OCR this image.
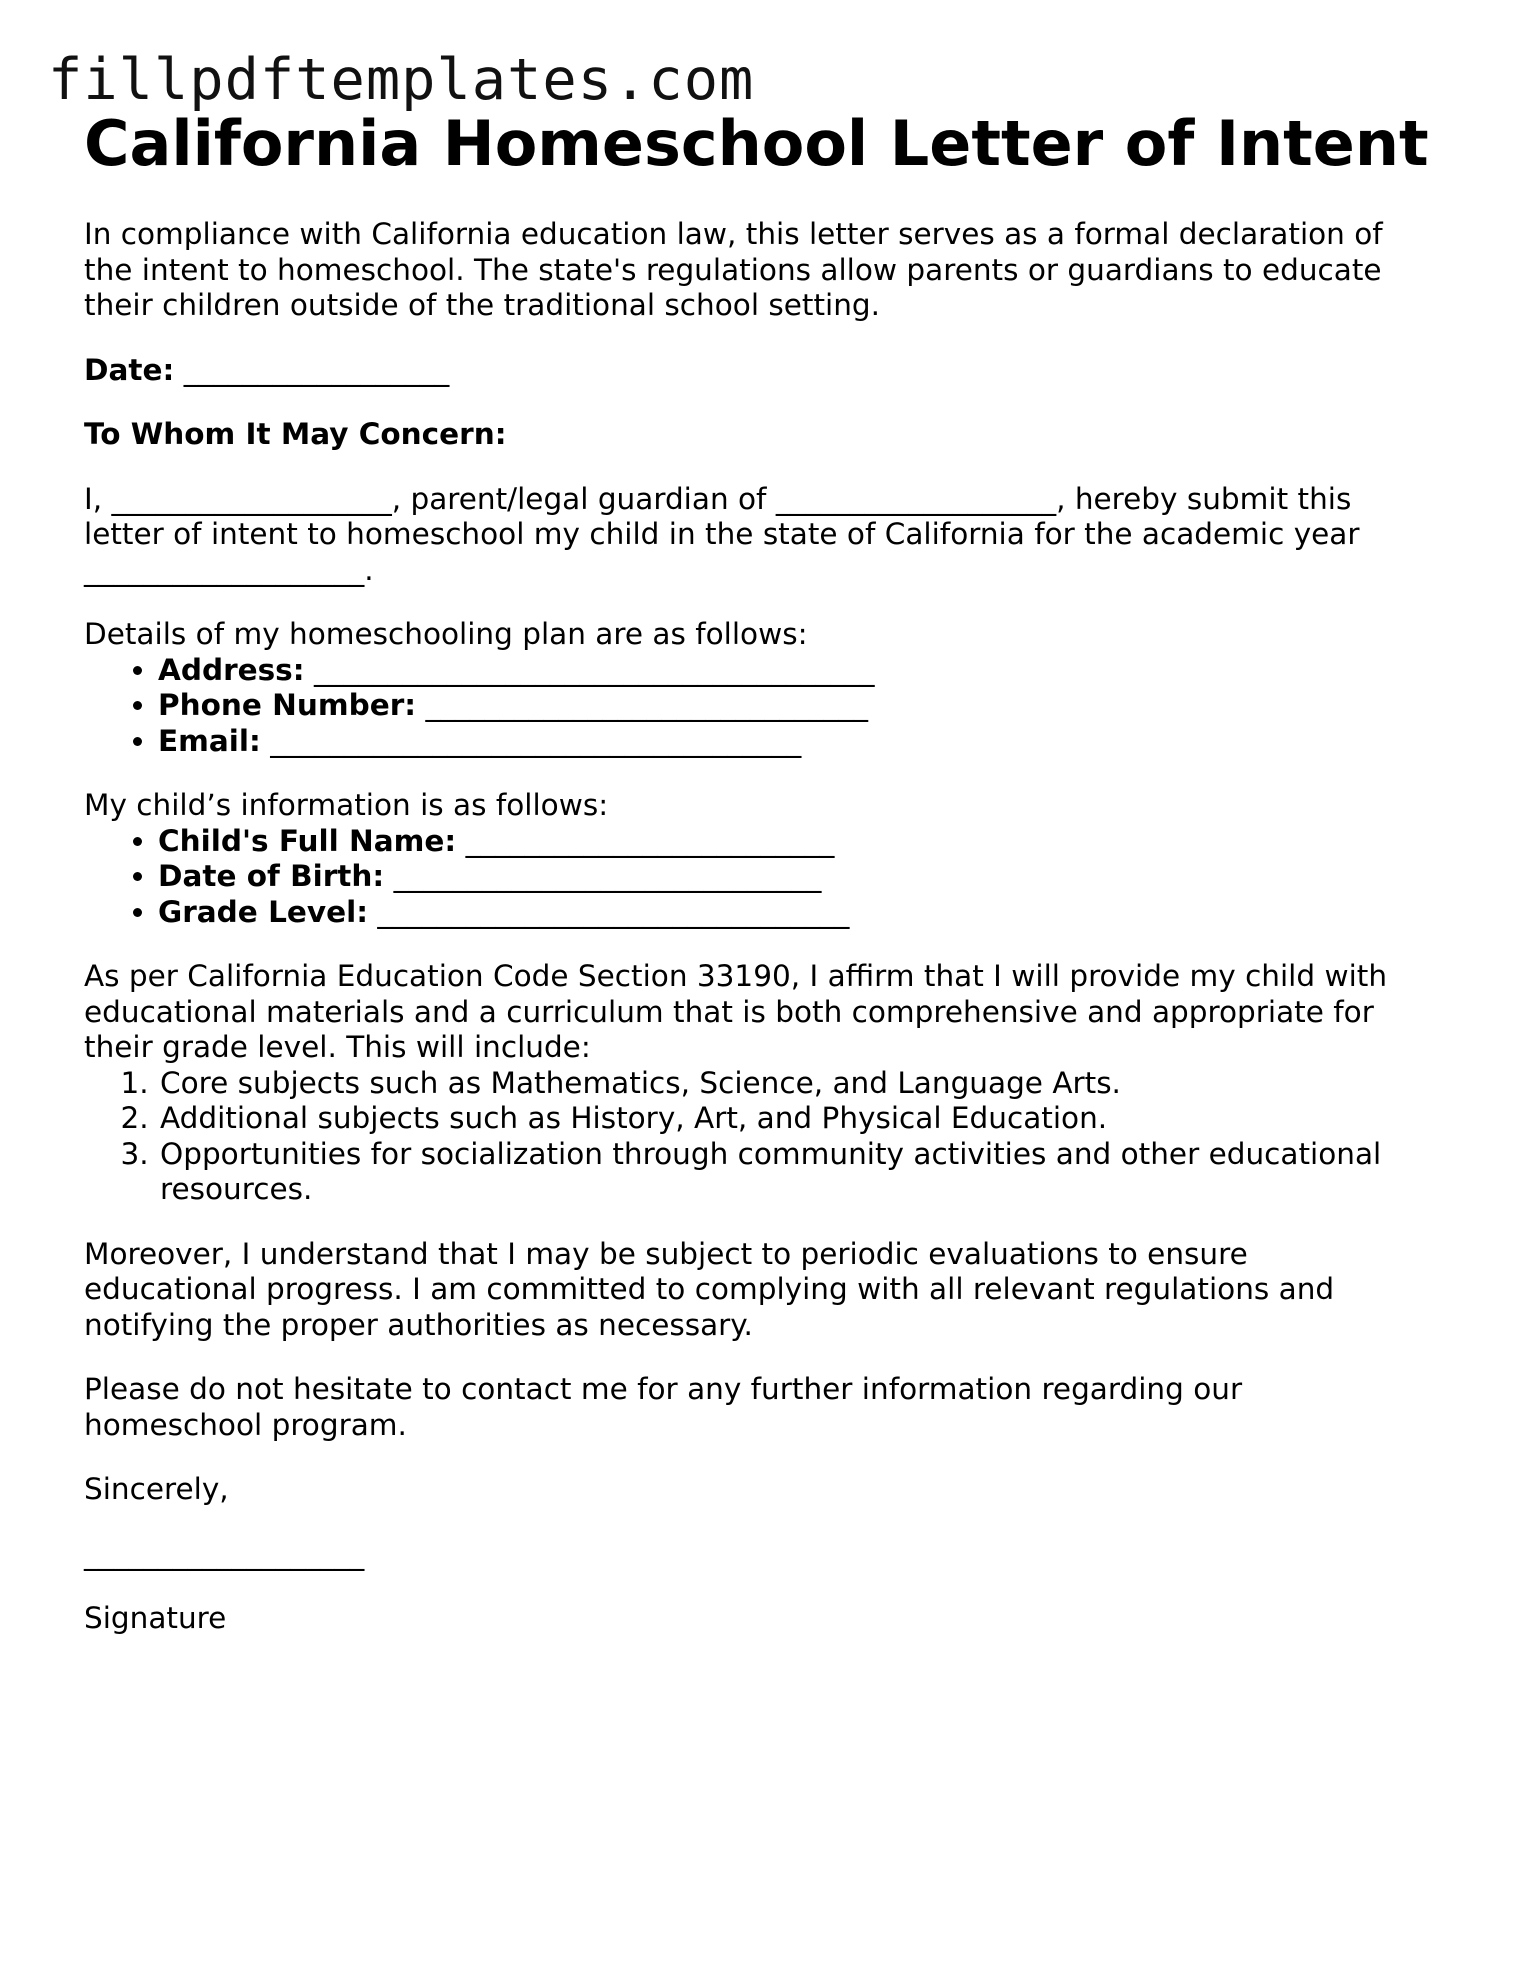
fillpdftemplates.com
California Homeschool Letter of Intent

In compliance with California education law, this letter serves as a formal declaration of the intent to homeschool. The state's regulations allow parents or guardians to educate their children outside of the traditional school setting.

Date: __________________

To Whom It May Concern:

I, ___________________, parent/legal guardian of ___________________, hereby submit this letter of intent to homeschool my child in the state of California for the academic year ___________________.

Details of my homeschooling plan are as follows:

• Address: ______________________________________
• Phone Number: ______________________________
• Email: ____________________________________

My child’s information is as follows:

• Child's Full Name: _________________________
• Date of Birth: _____________________________
• Grade Level: ________________________________

As per California Education Code Section 33190, I affirm that I will provide my child with educational materials and a curriculum that is both comprehensive and appropriate for their grade level. This will include:

1. Core subjects such as Mathematics, Science, and Language Arts.
2. Additional subjects such as History, Art, and Physical Education.
3. Opportunities for socialization through community activities and other educational resources.

Moreover, I understand that I may be subject to periodic evaluations to ensure educational progress. I am committed to complying with all relevant regulations and notifying the proper authorities as necessary.

Please do not hesitate to contact me for any further information regarding our homeschool program.

Sincerely,

___________________

Signature
